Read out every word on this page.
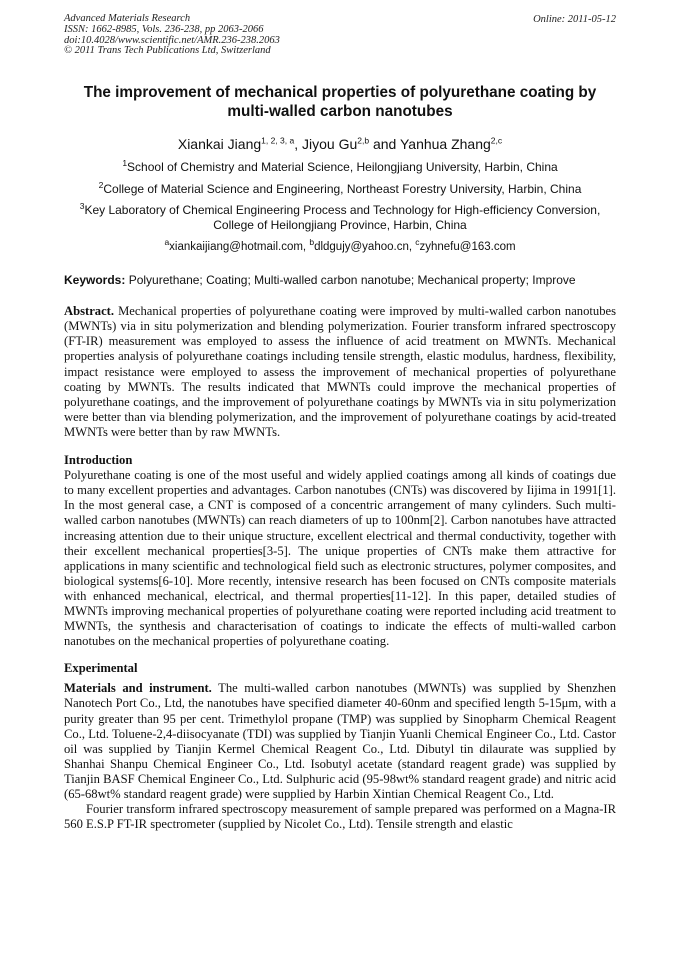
Advanced Materials Research
ISSN: 1662-8985, Vols. 236-238, pp 2063-2066
doi:10.4028/www.scientific.net/AMR.236-238.2063
© 2011 Trans Tech Publications Ltd, Switzerland
Online: 2011-05-12
The improvement of mechanical properties of polyurethane coating by multi-walled carbon nanotubes
Xiankai Jiang$^{1, 2, 3, a}$, Jiyou Gu$^{2,b}$ and Yanhua Zhang$^{2,c}$
$^1$School of Chemistry and Material Science, Heilongjiang University, Harbin, China
$^2$College of Material Science and Engineering, Northeast Forestry University, Harbin, China
$^3$Key Laboratory of Chemical Engineering Process and Technology for High-efficiency Conversion, College of Heilongjiang Province, Harbin, China
$^a$xiankaijiang@hotmail.com, $^b$dldgujy@yahoo.cn, $^c$zyhnefu@163.com
Keywords: Polyurethane; Coating; Multi-walled carbon nanotube; Mechanical property; Improve
Abstract. Mechanical properties of polyurethane coating were improved by multi-walled carbon nanotubes (MWNTs) via in situ polymerization and blending polymerization. Fourier transform infrared spectroscopy (FT-IR) measurement was employed to assess the influence of acid treatment on MWNTs. Mechanical properties analysis of polyurethane coatings including tensile strength, elastic modulus, hardness, flexibility, impact resistance were employed to assess the improvement of mechanical properties of polyurethane coating by MWNTs. The results indicated that MWNTs could improve the mechanical properties of polyurethane coatings, and the improvement of polyurethane coatings by MWNTs via in situ polymerization were better than via blending polymerization, and the improvement of polyurethane coatings by acid-treated MWNTs were better than by raw MWNTs.
Introduction
Polyurethane coating is one of the most useful and widely applied coatings among all kinds of coatings due to many excellent properties and advantages. Carbon nanotubes (CNTs) was discovered by Iijima in 1991[1]. In the most general case, a CNT is composed of a concentric arrangement of many cylinders. Such multi-walled carbon nanotubes (MWNTs) can reach diameters of up to 100nm[2]. Carbon nanotubes have attracted increasing attention due to their unique structure, excellent electrical and thermal conductivity, together with their excellent mechanical properties[3-5]. The unique properties of CNTs make them attractive for applications in many scientific and technological field such as electronic structures, polymer composites, and biological systems[6-10]. More recently, intensive research has been focused on CNTs composite materials with enhanced mechanical, electrical, and thermal properties[11-12]. In this paper, detailed studies of MWNTs improving mechanical properties of polyurethane coating were reported including acid treatment to MWNTs, the synthesis and characterisation of coatings to indicate the effects of multi-walled carbon nanotubes on the mechanical properties of polyurethane coating.
Experimental
Materials and instrument. The multi-walled carbon nanotubes (MWNTs) was supplied by Shenzhen Nanotech Port Co., Ltd, the nanotubes have specified diameter 40-60nm and specified length 5-15μm, with a purity greater than 95 per cent. Trimethylol propane (TMP) was supplied by Sinopharm Chemical Reagent Co., Ltd. Toluene-2,4-diisocyanate (TDI) was supplied by Tianjin Yuanli Chemical Engineer Co., Ltd. Castor oil was supplied by Tianjin Kermel Chemical Reagent Co., Ltd. Dibutyl tin dilaurate was supplied by Shanhai Shanpu Chemical Engineer Co., Ltd. Isobutyl acetate (standard reagent grade) was supplied by Tianjin BASF Chemical Engineer Co., Ltd. Sulphuric acid (95-98wt% standard reagent grade) and nitric acid (65-68wt% standard reagent grade) were supplied by Harbin Xintian Chemical Reagent Co., Ltd.
Fourier transform infrared spectroscopy measurement of sample prepared was performed on a Magna-IR 560 E.S.P FT-IR spectrometer (supplied by Nicolet Co., Ltd). Tensile strength and elastic
